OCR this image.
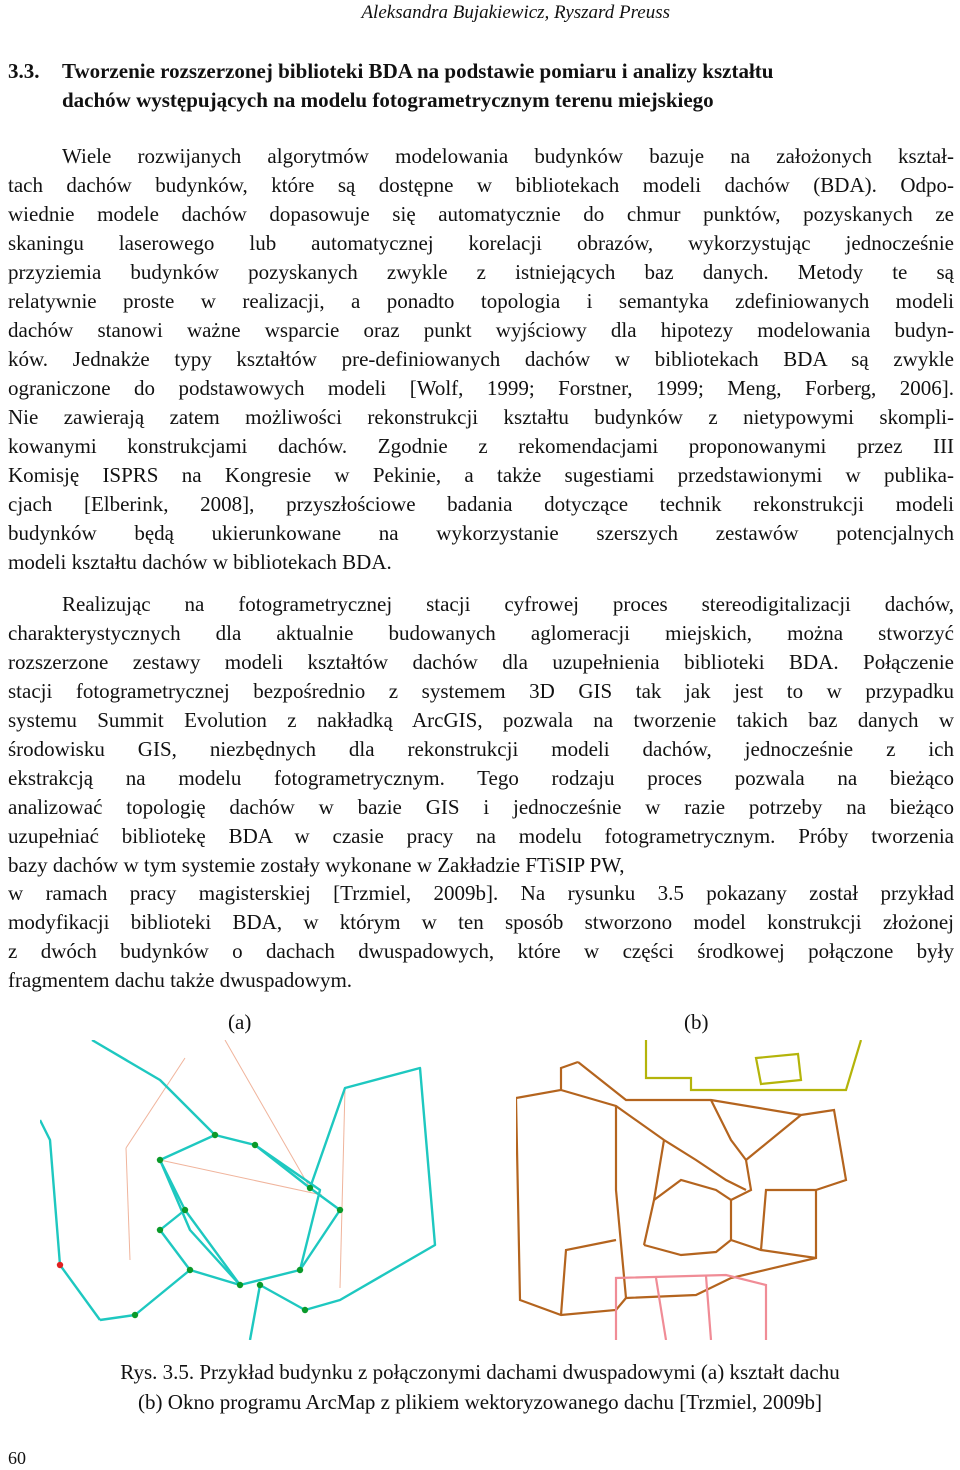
Aleksandra Bujakiewicz, Ryszard Preuss
3.3. Tworzenie rozszerzonej biblioteki BDA na podstawie pomiaru i analizy kształtu
dachów występujących na modelu fotogrametrycznym terenu miejskiego
Wiele rozwijanych algorytmów modelowania budynków bazuje na założonych kształ-
tach dachów budynków, które są dostępne w bibliotekach modeli dachów (BDA). Odpo-
wiednie modele dachów dopasowuje się automatycznie do chmur punktów, pozyskanych ze
skaningu laserowego lub automatycznej korelacji obrazów, wykorzystując jednocześnie
przyziemia budynków pozyskanych zwykle z istniejących baz danych. Metody te są
relatywnie proste w realizacji, a ponadto topologia i semantyka zdefiniowanych modeli
dachów stanowi ważne wsparcie oraz punkt wyjściowy dla hipotezy modelowania budyn-
ków. Jednakże typy kształtów pre-definiowanych dachów w bibliotekach BDA są zwykle
ograniczone do podstawowych modeli [Wolf, 1999; Forstner, 1999; Meng, Forberg, 2006].
Nie zawierają zatem możliwości rekonstrukcji kształtu budynków z nietypowymi skompli-
kowanymi konstrukcjami dachów. Zgodnie z rekomendacjami proponowanymi przez III
Komisję ISPRS na Kongresie w Pekinie, a także sugestiami przedstawionymi w publika-
cjach [Elberink, 2008], przyszłościowe badania dotyczące technik rekonstrukcji modeli
budynków będą ukierunkowane na wykorzystanie szerszych zestawów potencjalnych
modeli kształtu dachów w bibliotekach BDA.
Realizując na fotogrametrycznej stacji cyfrowej proces stereodigitalizacji dachów,
charakterystycznych dla aktualnie budowanych aglomeracji miejskich, można stworzyć
rozszerzone zestawy modeli kształtów dachów dla uzupełnienia biblioteki BDA. Połączenie
stacji fotogrametrycznej bezpośrednio z systemem 3D GIS tak jak jest to w przypadku
systemu Summit Evolution z nakładką ArcGIS, pozwala na tworzenie takich baz danych w
środowisku GIS, niezbędnych dla rekonstrukcji modeli dachów, jednocześnie z ich
ekstrakcją na modelu fotogrametrycznym. Tego rodzaju proces pozwala na bieżąco
analizować topologię dachów w bazie GIS i jednocześnie w razie potrzeby na bieżąco
uzupełniać bibliotekę BDA w czasie pracy na modelu fotogrametrycznym. Próby tworzenia
bazy dachów w tym systemie zostały wykonane w Zakładzie FTiSIP PW,
w ramach pracy magisterskiej [Trzmiel, 2009b]. Na rysunku 3.5 pokazany został przykład
modyfikacji biblioteki BDA, w którym w ten sposób stworzono model konstrukcji złożonej
z dwóch budynków o dachach dwuspadowych, które w części środkowej połączone były
fragmentem dachu także dwuspadowym.
(a)	(b)
Rys. 3.5. Przykład budynku z połączonymi dachami dwuspadowymi (a) kształt dachu
(b) Okno programu ArcMap z plikiem wektoryzowanego dachu [Trzmiel, 2009b]
60
